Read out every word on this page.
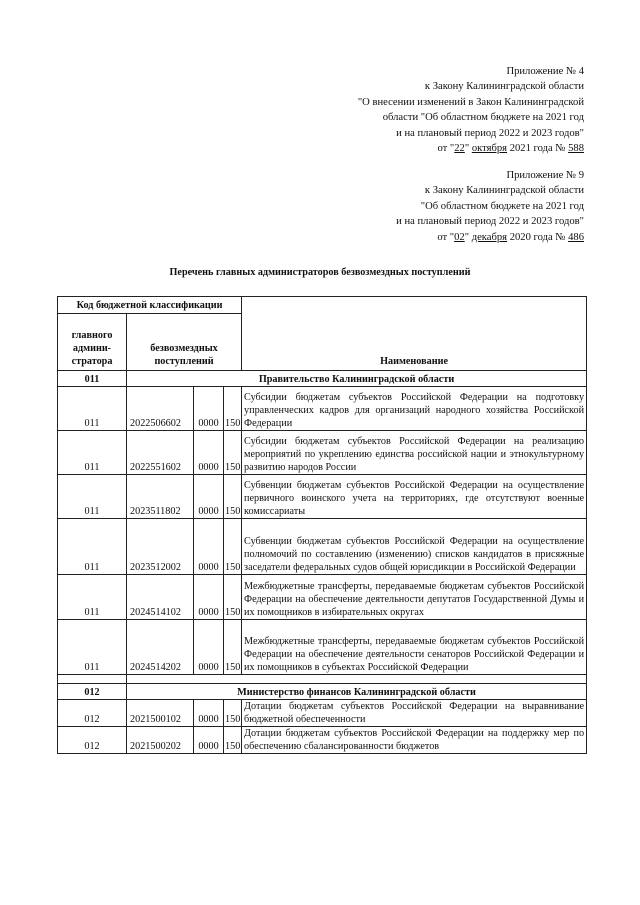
Приложение № 4
к Закону Калининградской области
"О внесении изменений в Закон Калининградской
области "Об областном бюджете на 2021 год
и на плановый период 2022 и 2023 годов"
от "22" октября 2021 года № 588
Приложение № 9
к Закону Калининградской области
"Об областном бюджете на 2021 год
и на плановый период 2022 и 2023 годов"
от "02" декабря 2020 года № 486
Перечень главных администраторов безвозмездных поступлений
Код бюджетной классификации				Наименование
главного админи-стратора	безвозмездных поступлений			
011	Правительство Калининградской области			
011	2022506602	0000	150	Субсидии бюджетам субъектов Российской Федерации на подготовку управленческих кадров для организаций народного хозяйства Российской Федерации
011	2022551602	0000	150	Субсидии бюджетам субъектов Российской Федерации на реализацию мероприятий по укреплению единства российской нации и этнокультурному развитию народов России
011	2023511802	0000	150	Субвенции бюджетам субъектов Российской Федерации на осуществление первичного воинского учета на территориях, где отсутствуют военные комиссариаты
011	2023512002	0000	150	Субвенции бюджетам субъектов Российской Федерации на осуществление полномочий по составлению (изменению) списков кандидатов в присяжные заседатели федеральных судов общей юрисдикции в Российской Федерации
011	2024514102	0000	150	Межбюджетные трансферты, передаваемые бюджетам субъектов Российской Федерации на обеспечение деятельности депутатов Государственной Думы и их помощников в избирательных округах
011	2024514202	0000	150	Межбюджетные трансферты, передаваемые бюджетам субъектов Российской Федерации на обеспечение деятельности сенаторов Российской Федерации и их помощников в субъектах Российской Федерации

012	Министерство финансов Калининградской области			
012	2021500102	0000	150	Дотации бюджетам субъектов Российской Федерации на выравнивание бюджетной обеспеченности
012	2021500202	0000	150	Дотации бюджетам субъектов Российской Федерации на поддержку мер по обеспечению сбалансированности бюджетов
